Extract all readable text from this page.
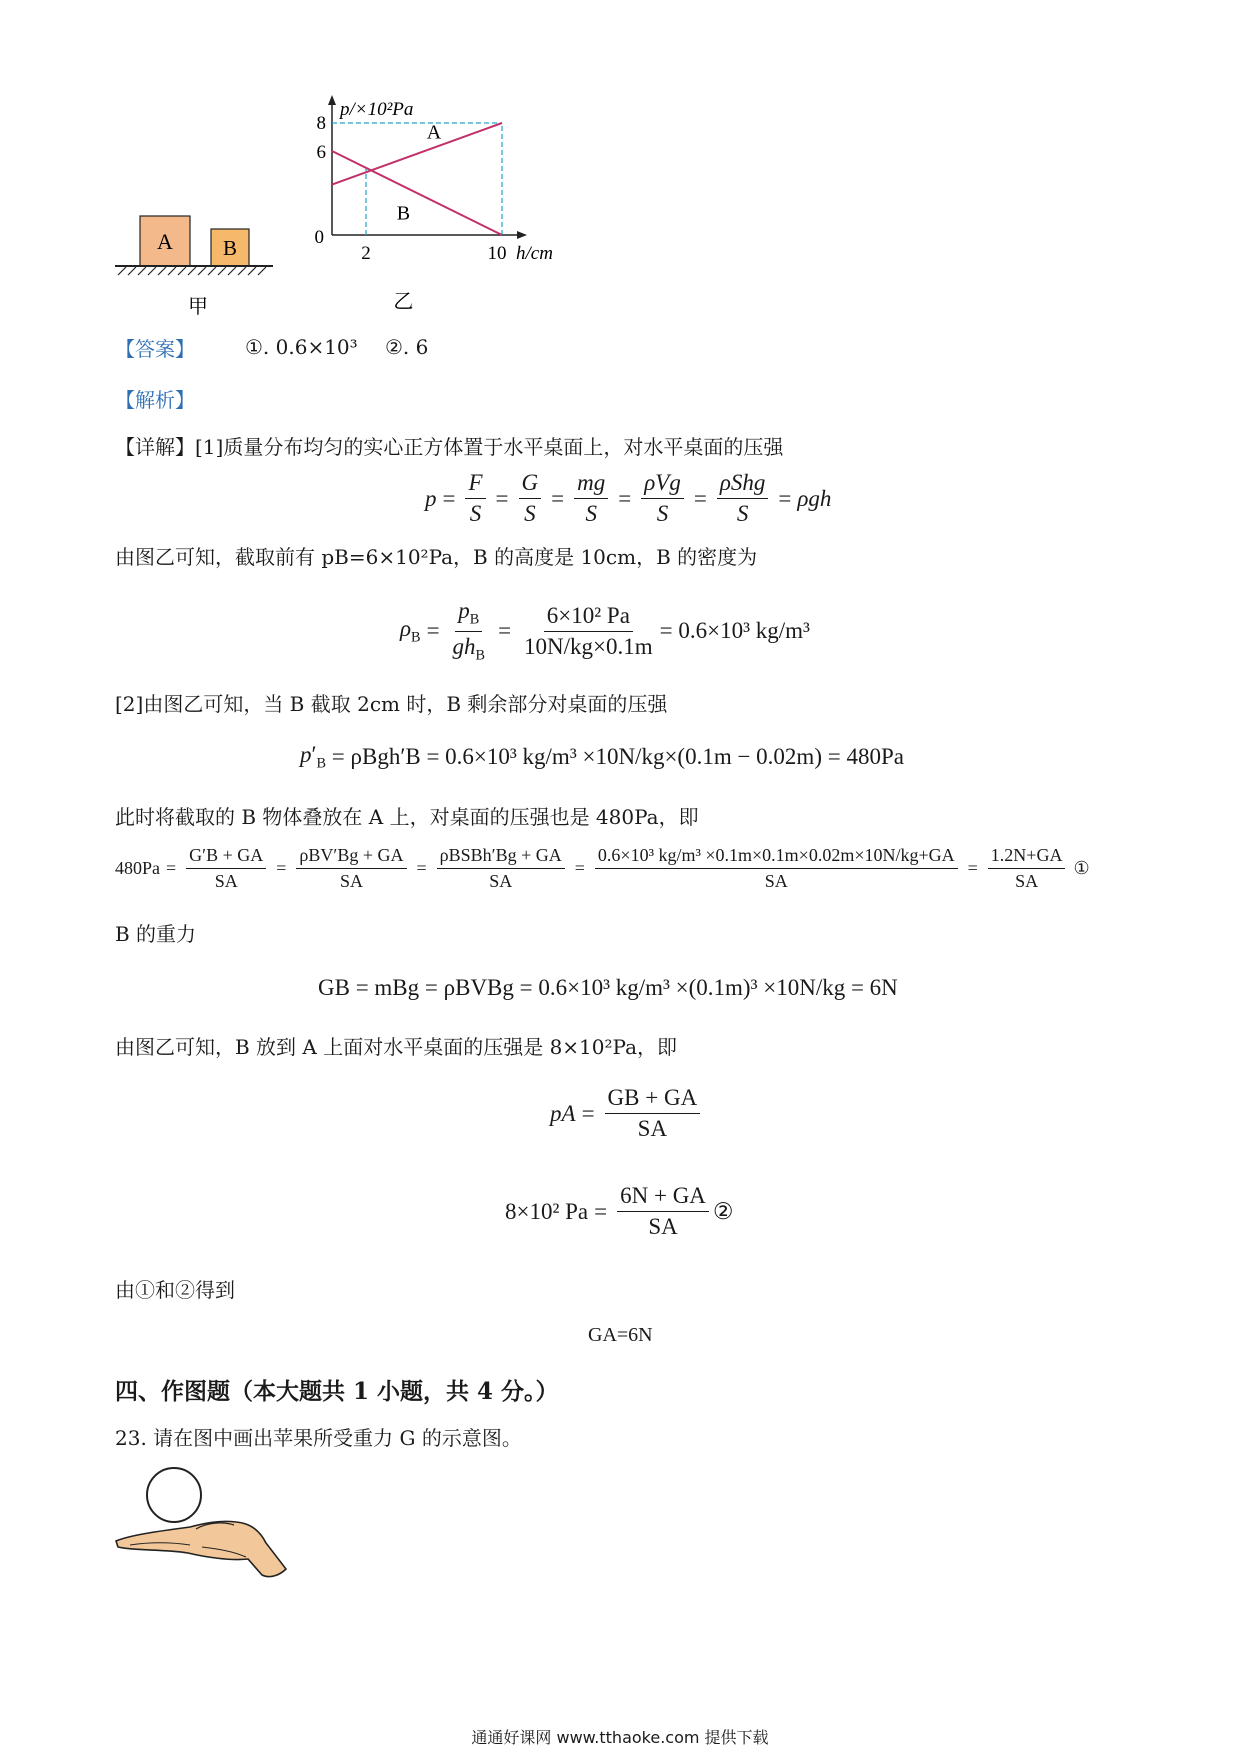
A B
甲
8
6
0
2	10
p/×10²Pa
h/cm
A
B
乙
【答案】	①. 0.6×10³ ②. 6
【解析】
【详解】[1]质量分布均匀的实心正方体置于水平桌面上，对水平桌面的压强
$p = \frac{F}{S} = \frac{G}{S} = \frac{mg}{S} = \frac{\text{ρVg}}{S} = \frac{\text{ρShg}}{S} = \rho gh$
由图乙可知，截取前有 pB=6×10²Pa，B 的高度是 10cm，B 的密度为
$\rho_B = \frac{p_B}{gh_B} = \frac{\text{6×10² Pa}}{10N/kg\times 0.1m} = 0.6\times 10^3$ kg/m³
[2]由图乙可知，当 B 截取 2cm 时，B 剩余部分对桌面的压强
$p'_B$
= ρBgh′B = 0.6×10³ kg/m³ ×10N/kg×(0.1m − 0.02m) = 480Pa
此时将截取的 B 物体叠放在 A 上，对桌面的压强也是 480Pa，即
$480Pa = \frac{G'B + GA}{SA} = \frac{\text{ρBV′Bg + GA}}{SA} = \frac{\text{ρBSBh′Bg + GA}}{SA} = \frac{\text{0.6×10³ kg/m³ ×0.1m×0.1m×0.02m×10N/kg+GA}}{SA} = \frac{1.2N+GA}{SA}$ ①
B 的重力
GB = mBg = ρBVBg = 0.6×10³ kg/m³ ×(0.1m)³ ×10N/kg = 6N
由图乙可知，B 放到 A 上面对水平桌面的压强是 8×10²Pa，即
pA = $\frac{GB + GA}{SA}$
8×10² $Pa = \frac{6N + GA}{SA}$ ②
由①和②得到
GA=6N
四、作图题（本大题共 1 小题，共 4 分。）
23. 请在图中画出苹果所受重力 G 的示意图。
通通好课网 www.tthaoke.com 提供下载
